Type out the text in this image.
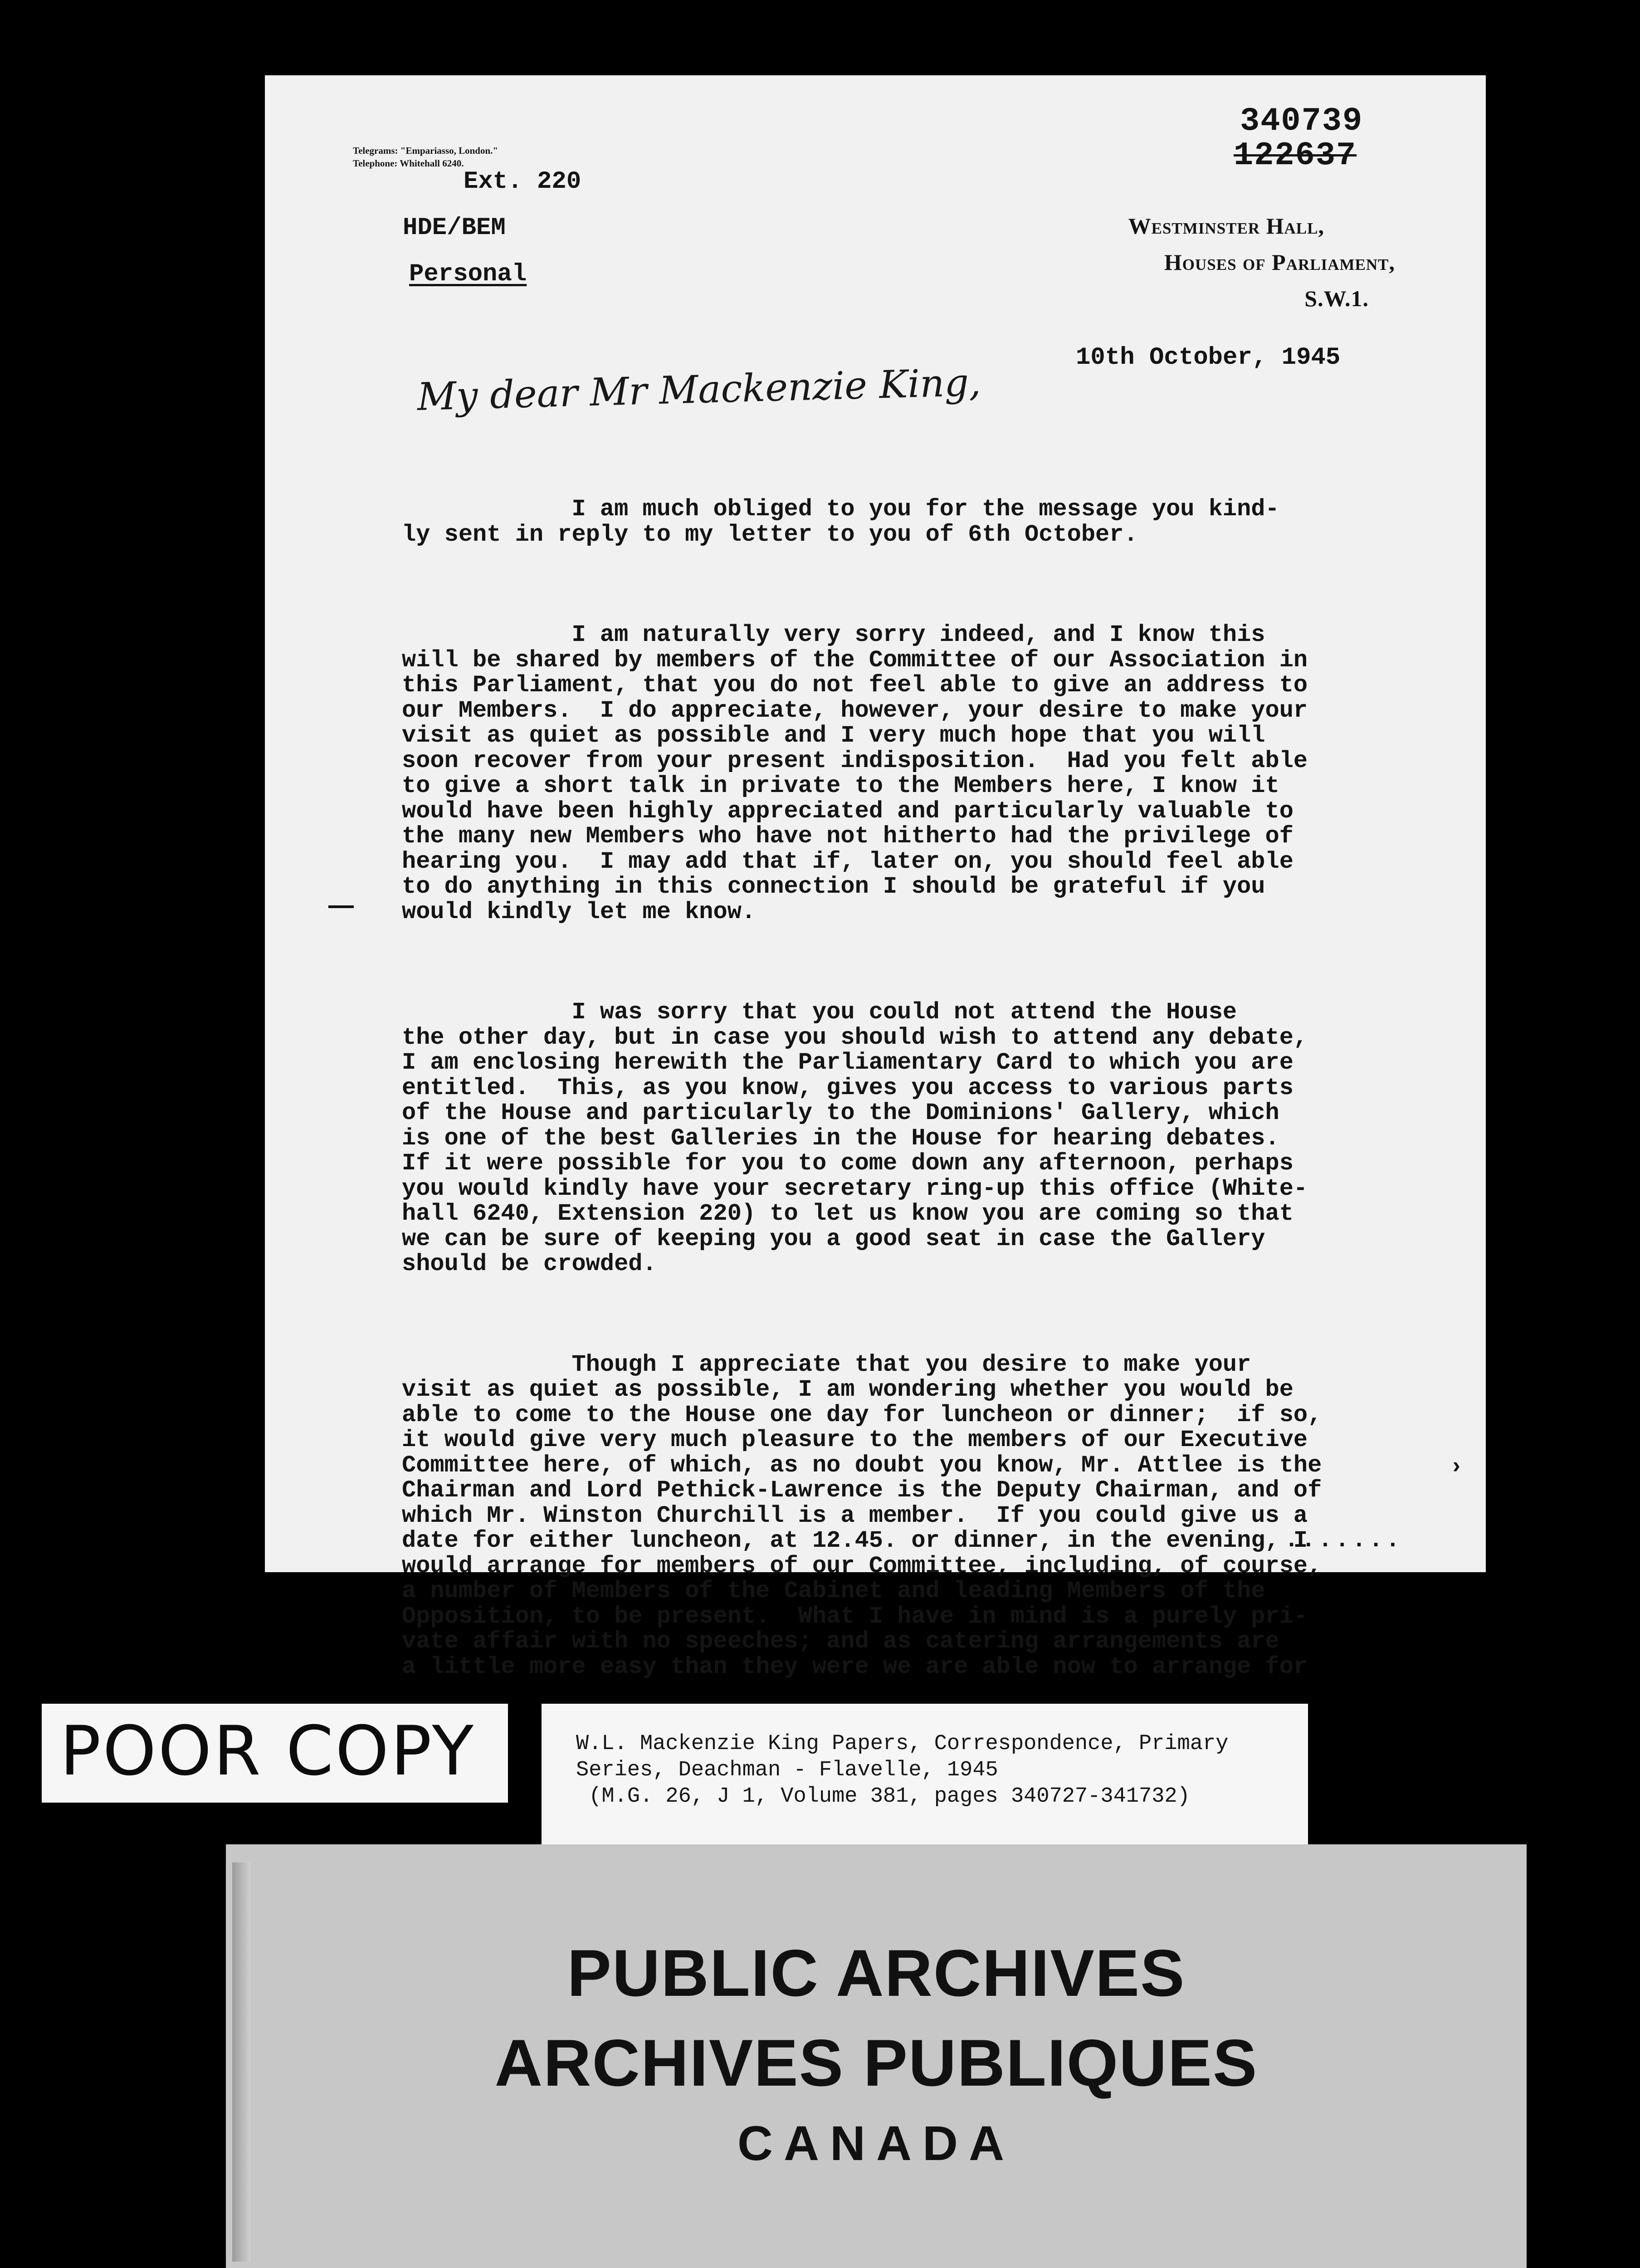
Telegrams: "Empariasso, London."
Telephone: Whitehall 6240.
Ext. 220
340739
122637
HDE/BEM
Personal
Westminster Hall,
Houses of Parliament,
S.W.1.
10th October, 1945
My dear Mr Mackenzie King,

I am much obliged to you for the message you kind-
ly sent in reply to my letter to you of 6th October.

I am naturally very sorry indeed, and I know this
will be shared by members of the Committee of our Association in
this Parliament, that you do not feel able to give an address to
our Members.  I do appreciate, however, your desire to make your
visit as quiet as possible and I very much hope that you will
soon recover from your present indisposition.  Had you felt able
to give a short talk in private to the Members here, I know it
would have been highly appreciated and particularly valuable to
the many new Members who have not hitherto had the privilege of
hearing you.  I may add that if, later on, you should feel able
to do anything in this connection I should be grateful if you
would kindly let me know.

I was sorry that you could not attend the House
the other day, but in case you should wish to attend any debate,
I am enclosing herewith the Parliamentary Card to which you are
entitled.  This, as you know, gives you access to various parts
of the House and particularly to the Dominions' Gallery, which
is one of the best Galleries in the House for hearing debates.
If it were possible for you to come down any afternoon, perhaps
you would kindly have your secretary ring-up this office (White-
hall 6240, Extension 220) to let us know you are coming so that
we can be sure of keeping you a good seat in case the Gallery
should be crowded.

Though I appreciate that you desire to make your
visit as quiet as possible, I am wondering whether you would be
able to come to the House one day for luncheon or dinner;  if so,
it would give very much pleasure to the members of our Executive
Committee here, of which, as no doubt you know, Mr. Attlee is the
Chairman and Lord Pethick-Lawrence is the Deputy Chairman, and of
which Mr. Winston Churchill is a member.  If you could give us a
date for either luncheon, at 12.45. or dinner, in the evening, I
would arrange for members of our Committee, including, of course,
a number of Members of the Cabinet and leading Members of the
Opposition, to be present.  What I have in mind is a purely pri-
vate affair with no speeches; and as catering arrangements are
a little more easy than they were we are able now to arrange for

›
.......
POOR COPY	W.L. Mackenzie King Papers, Correspondence, Primary
Series, Deachman - Flavelle, 1945
(M.G. 26, J 1, Volume 381, pages 340727-341732)
PUBLIC ARCHIVES
ARCHIVES PUBLIQUES
CANADA
